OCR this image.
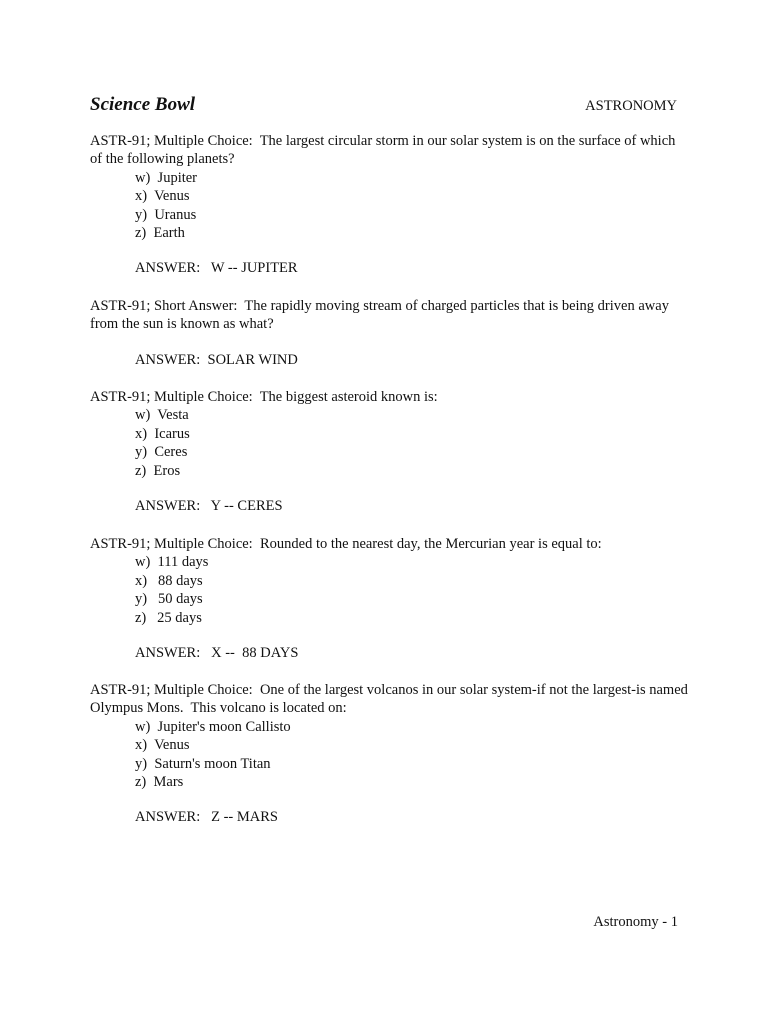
Science Bowl	ASTRONOMY

ASTR-91; Multiple Choice:  The largest circular storm in our solar system is on the surface of which of the following planets?

w)  Jupiter
x)  Venus
y)  Uranus
z)  Earth
ANSWER:   W -- JUPITER

ASTR-91; Short Answer:  The rapidly moving stream of charged particles that is being driven away from the sun is known as what?

ANSWER:  SOLAR WIND

ASTR-91; Multiple Choice:  The biggest asteroid known is:

w)  Vesta
x)  Icarus
y)  Ceres
z)  Eros
ANSWER:   Y -- CERES

ASTR-91; Multiple Choice:  Rounded to the nearest day, the Mercurian year is equal to:

w)  111 days
x)   88 days
y)   50 days
z)   25 days
ANSWER:   X --  88 DAYS

ASTR-91; Multiple Choice:  One of the largest volcanos in our solar system-if not the largest-is named Olympus Mons.  This volcano is located on:

w)  Jupiter's moon Callisto
x)  Venus
y)  Saturn's moon Titan
z)  Mars
ANSWER:   Z -- MARS
Astronomy - 1
